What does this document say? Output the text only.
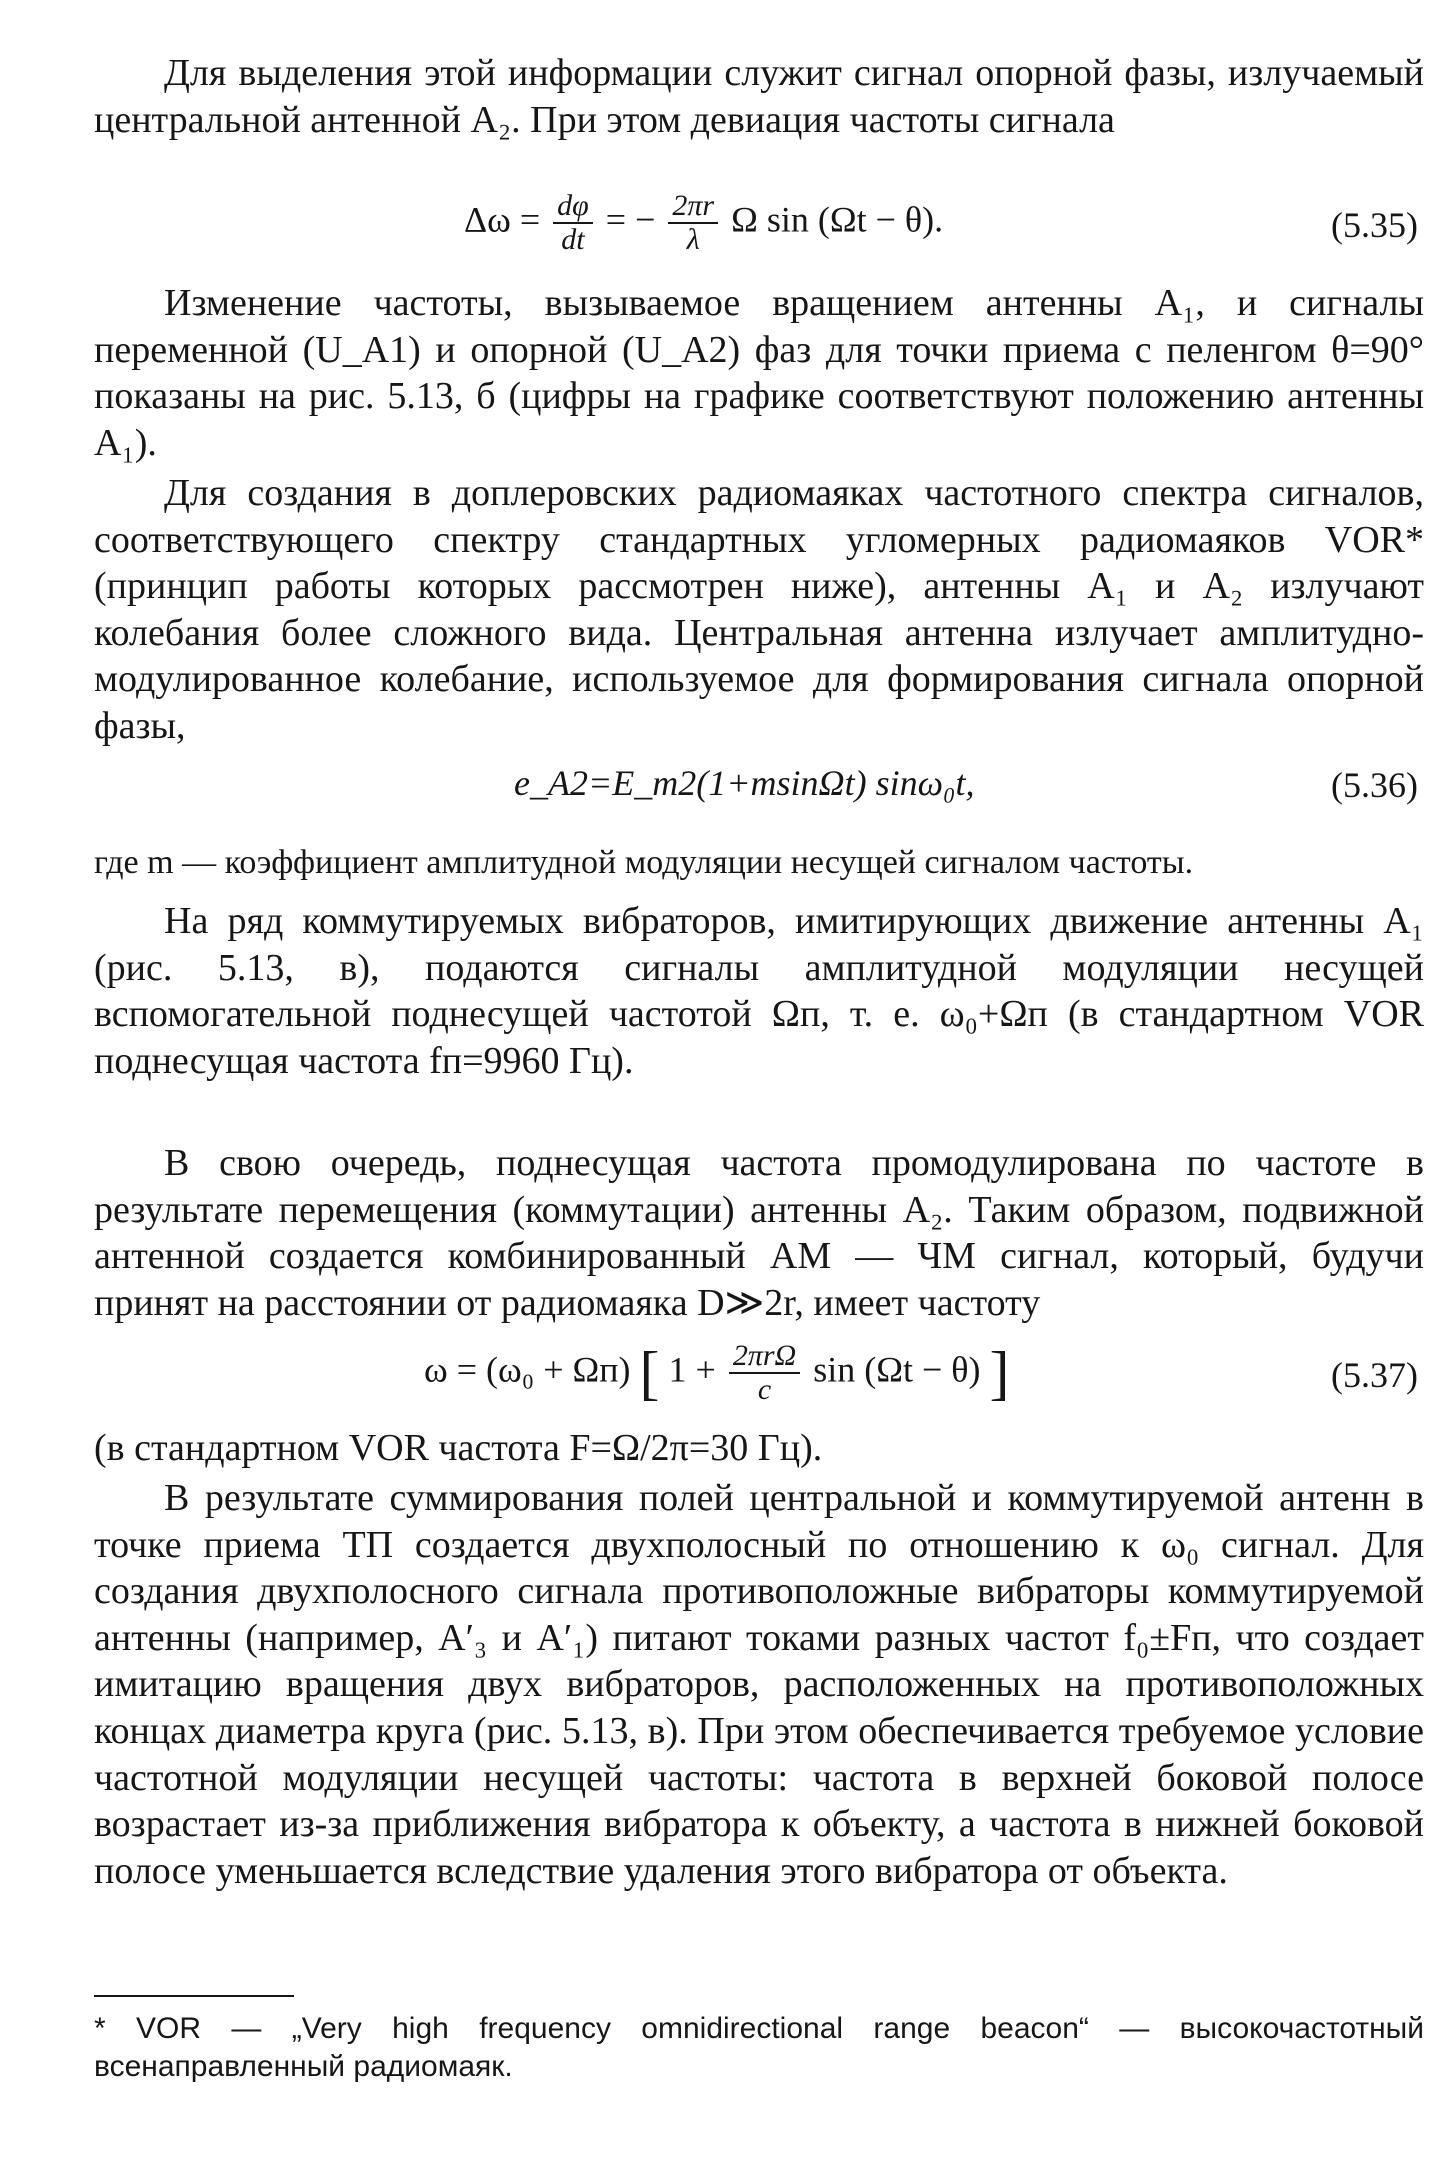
Для выделения этой информации служит сигнал опорной фазы, излучаемый центральной антенной A₂. При этом девиация частоты сигнала

$\Delta\omega = \frac{d\varphi}{dt}$ = − $\frac{2\pi r}{\lambda}$ Ω sin (Ωt − θ).	(5.35)

Изменение частоты, вызываемое вращением антенны A₁, и сигналы переменной (U_A1) и опорной (U_A2) фаз для точки приема с пеленгом θ=90° показаны на рис. 5.13, б (цифры на графике соответствуют положению антенны A₁).

Для создания в доплеровских радиомаяках частотного спектра сигналов, соответствующего спектру стандартных угломерных радиомаяков VOR* (принцип работы которых рассмотрен ниже), антенны A₁ и A₂ излучают колебания более сложного вида. Центральная антенна излучает амплитудно-модулированное колебание, используемое для формирования сигнала опорной фазы,

e_A2=E_m2(1+msinΩt) sinω₀t,	(5.36)

где m — коэффициент амплитудной модуляции несущей сигналом частоты.

На ряд коммутируемых вибраторов, имитирующих движение антенны A₁ (рис. 5.13, в), подаются сигналы амплитудной модуляции несущей вспомогательной поднесущей частотой Ωп, т. е. ω₀+Ωп (в стандартном VOR поднесущая частота fп=9960 Гц).

В свою очередь, поднесущая частота промодулирована по частоте в результате перемещения (коммутации) антенны A₂. Таким образом, подвижной антенной создается комбинированный АМ — ЧМ сигнал, который, будучи принят на расстоянии от радиомаяка D≫2r, имеет частоту

ω = (ω₀ + Ωп) [ $1 + \frac{\text{2πrΩ}}{c}$ sin (Ωt − θ) ]	(5.37)

(в стандартном VOR частота F=Ω/2π=30 Гц).

В результате суммирования полей центральной и коммутируемой антенн в точке приема ТП создается двухполосный по отношению к ω₀ сигнал. Для создания двухполосного сигнала противоположные вибраторы коммутируемой антенны (например, A′₃ и A′₁) питают токами разных частот f₀±Fп, что создает имитацию вращения двух вибраторов, расположенных на противоположных концах диаметра круга (рис. 5.13, в). При этом обеспечивается требуемое условие частотной модуляции несущей частоты: частота в верхней боковой полосе возрастает из-за приближения вибратора к объекту, а частота в нижней боковой полосе уменьшается вследствие удаления этого вибратора от объекта.

* VOR — „Very high frequency omnidirectional range beacon“ — высокочастотный всенаправленный радиомаяк.
